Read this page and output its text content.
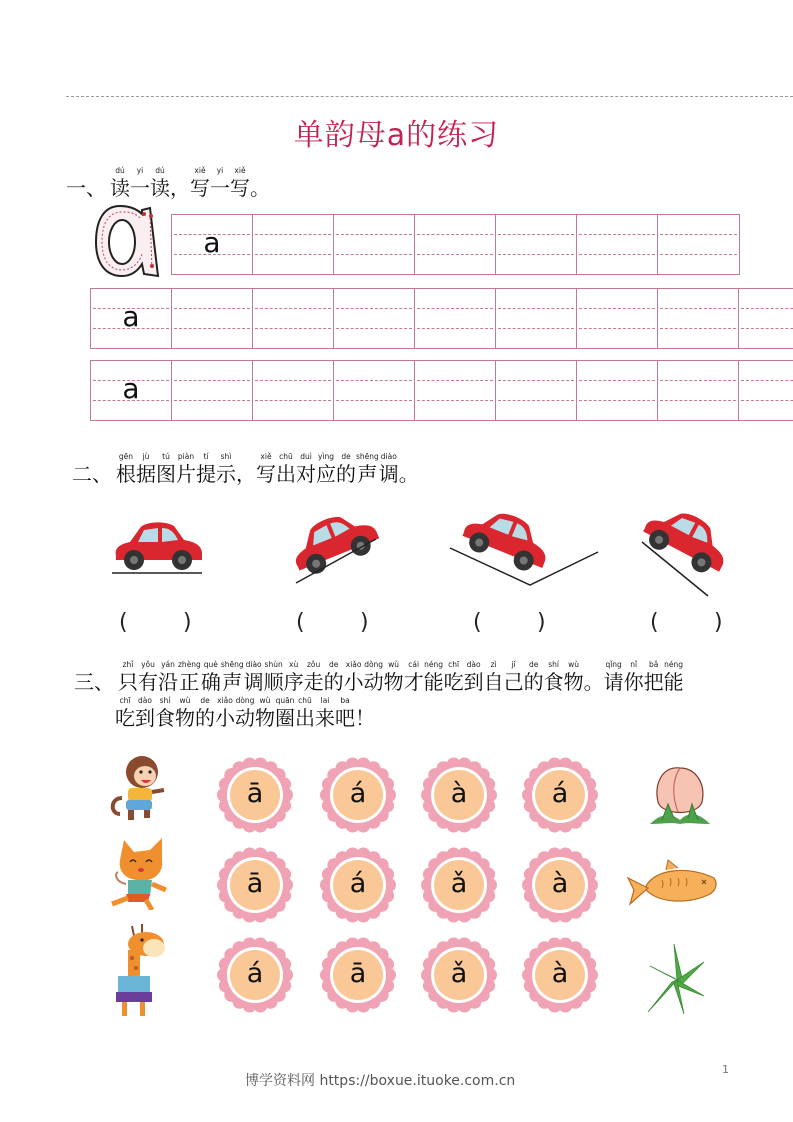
单韵母a的练习
一、
dú
读
yi
一
dú
读 ，
xiě
写
yi
一
xiě
写 。
a
a
a
二、
gēn
根
jù
据
tú
图
piàn
片
tí
提
shì
示 ，
xiě
写
chū
出
duì
对
yìng
应
de
的
shēng
声
diào
调 。
(	)	(	)	(	)	(	)
三、
zhǐ
只
yǒu
有
yán
沿
zhèng
正
què
确
shēng
声
diào
调
shùn
顺
xù
序
zǒu
走
de
的
xiǎo
小
dòng
动
wù
物
cái
才
néng
能
chī
吃
dào
到
zì
自
jǐ
己
de
的
shí
食
wù
物 。
qǐng
请
nǐ
你
bǎ
把
néng
能
chī
吃
dào
到
shí
食
wù
物
de
的
xiǎo
小
dòng
动
wù
物
quān
圈
chū
出
lai
来
ba
吧 ！
ā	á	à	á
ā	á	ǎ	à
á	ā	ǎ	à
博学资料网 https://boxue.ituoke.com.cn
1
